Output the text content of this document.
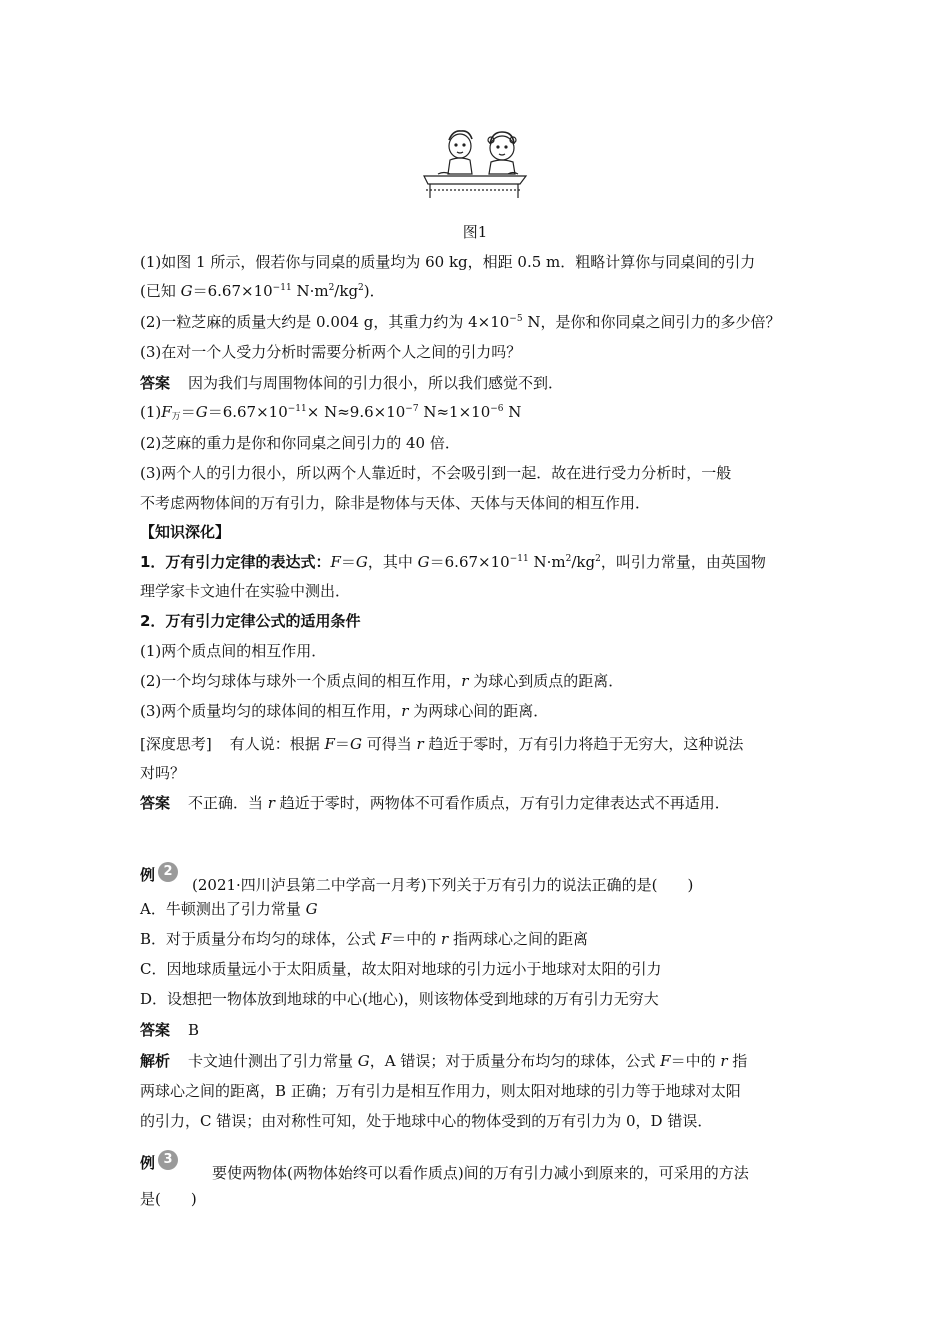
图1
(1)如图 1 所示，假若你与同桌的质量均为 60 kg，相距 0.5 m．粗略计算你与同桌间的引力
(已知 $G=6.67\times 10^{-11}$ $N\cdot m^2/kg^2$)．
(2)一粒芝麻的质量大约是 0.004 g，其重力约为 $4\times 10^{-5}$ N，是你和你同桌之间引力的多少倍？
(3)在对一个人受力分析时需要分析两个人之间的引力吗？
答案 因为我们与周围物体间的引力很小，所以我们感觉不到．
$(1)F_万=G=6.67\times 10^{-11}\times N\approx 9.6\times 10^{-7}$ $N\approx 1\times 10^{-6}$ N
(2)芝麻的重力是你和你同桌之间引力的 40 倍．
(3)两个人的引力很小，所以两个人靠近时，不会吸引到一起．故在进行受力分析时，一般
不考虑两物体间的万有引力，除非是物体与天体、天体与天体间的相互作用．
【知识深化】
1．万有引力定律的表达式：F＝G，其中 $G=6.67\times 10^{-11}$ $N\cdot m^2/kg^2$，叫引力常量，由英国物
理学家卡文迪什在实验中测出．
2．万有引力定律公式的适用条件
(1)两个质点间的相互作用．
(2)一个均匀球体与球外一个质点间的相互作用，r 为球心到质点的距离．
(3)两个质量均匀的球体间的相互作用，r 为两球心间的距离．
[深度思考] 有人说：根据 F＝G 可得当 r 趋近于零时，万有引力将趋于无穷大，这种说法
对吗？
答案 不正确．当 r 趋近于零时，两物体不可看作质点，万有引力定律表达式不再适用．
例 2
(2021·四川泸县第二中学高一月考)下列关于万有引力的说法正确的是(　　)
A．牛顿测出了引力常量 G
B．对于质量分布均匀的球体，公式 F＝中的 r 指两球心之间的距离
C．因地球质量远小于太阳质量，故太阳对地球的引力远小于地球对太阳的引力
D．设想把一物体放到地球的中心(地心)，则该物体受到地球的万有引力无穷大
答案 B
解析 卡文迪什测出了引力常量 G，A 错误；对于质量分布均匀的球体，公式 F＝中的 r 指
两球心之间的距离，B 正确；万有引力是相互作用力，则太阳对地球的引力等于地球对太阳
的引力，C 错误；由对称性可知，处于地球中心的物体受到的万有引力为 0，D 错误．
例 3
要使两物体(两物体始终可以看作质点)间的万有引力减小到原来的，可采用的方法
是(　　)
